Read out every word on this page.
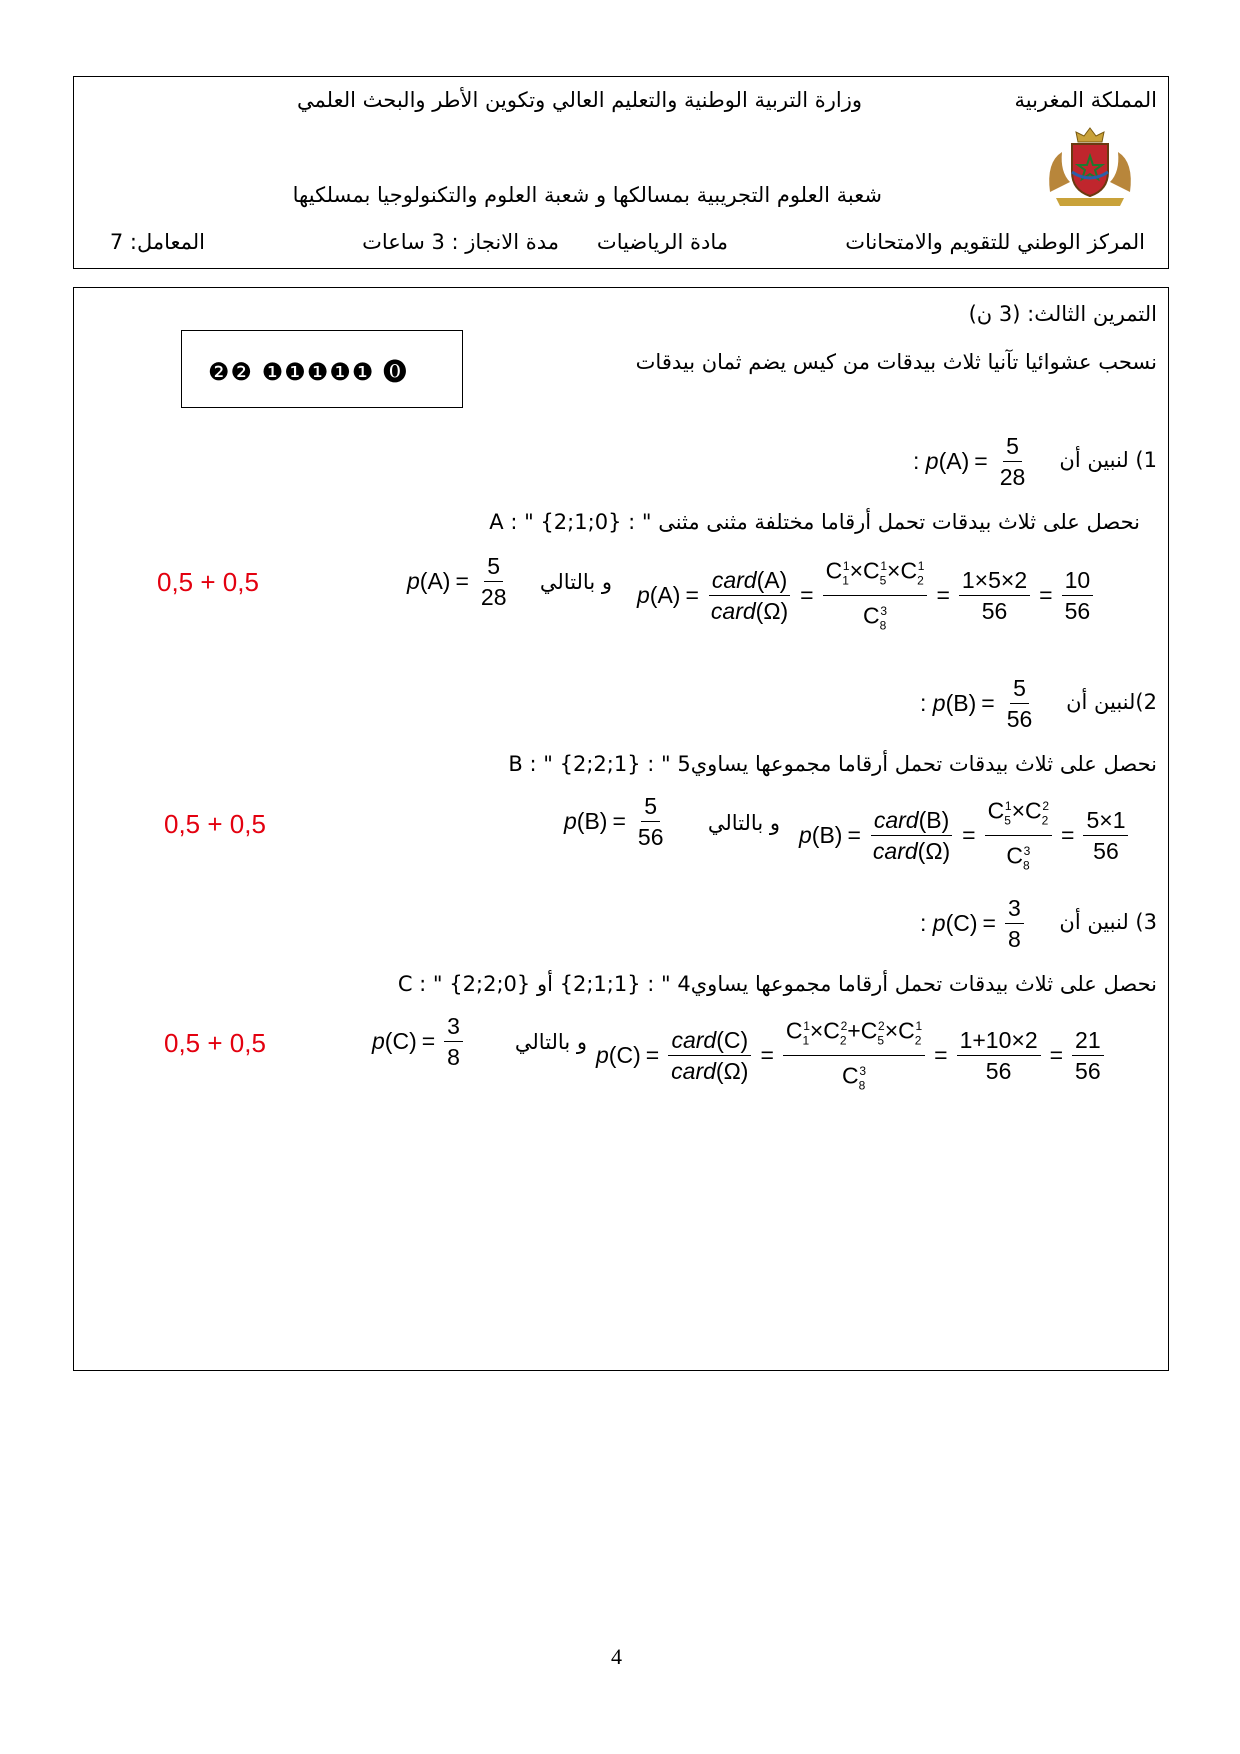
المملكة المغربية
وزارة التربية الوطنية والتعليم العالي وتكوين الأطر والبحث العلمي
شعبة العلوم التجريبية بمسالكها و شعبة العلوم والتكنولوجيا بمسلكيها
المركز الوطني للتقويم والامتحانات
مادة الرياضيات
مدة الانجاز : 3 ساعات
المعامل: 7
التمرين الثالث: (3 ن)
نسحب عشوائيا تآنيا ثلاث بيدقات من كيس يضم ثمان بيدقات
❷❷ ❶❶❶❶❶ ⓿
1) لنبين أن
: p $(A) = \frac{5}{28}$
A : " نحصل على ثلاث بيدقات تحمل أرقاما مختلفة مثنى مثنى " : {0;1;2}
0,5 + 0,5	p $(A) = \frac{5}{28}$ و بالتالي
p $(A) = \frac{\text{card(A)}}{\text{card(Ω)}} = \frac{C_1^1\times C_5^1\times C_2^1}{C_8^3} = \frac{1\times 5\times 2}{56} = \frac{10}{56}$
2)لنبين أن
: p $(B) = \frac{5}{56}$
B : " نحصل على ثلاث بيدقات تحمل أرقاما مجموعها يساوي5 " : {1;2;2}
0,5 + 0,5	p $(B) = \frac{5}{56}$ و بالتالي p $(B) = \frac{\text{card(B)}}{\text{card(Ω)}} = \frac{C_5^1\times C_2^2}{C_8^3} = \frac{5\times 1}{56}$
3) لنبين أن
: p $(C) = \frac{3}{8}$
C : " نحصل على ثلاث بيدقات تحمل أرقاما مجموعها يساوي4 " : {1;1;2} أو {0;2;2}
0,5 + 0,5	p $(C) = \frac{3}{8}$ و بالتالي
p $(C) = \frac{\text{card(C)}}{\text{card(Ω)}} = \frac{C_1^1\times C_2^2+C_5^2\times C_2^1}{C_8^3} = \frac{1+10\times 2}{56} = \frac{21}{56}$
4
